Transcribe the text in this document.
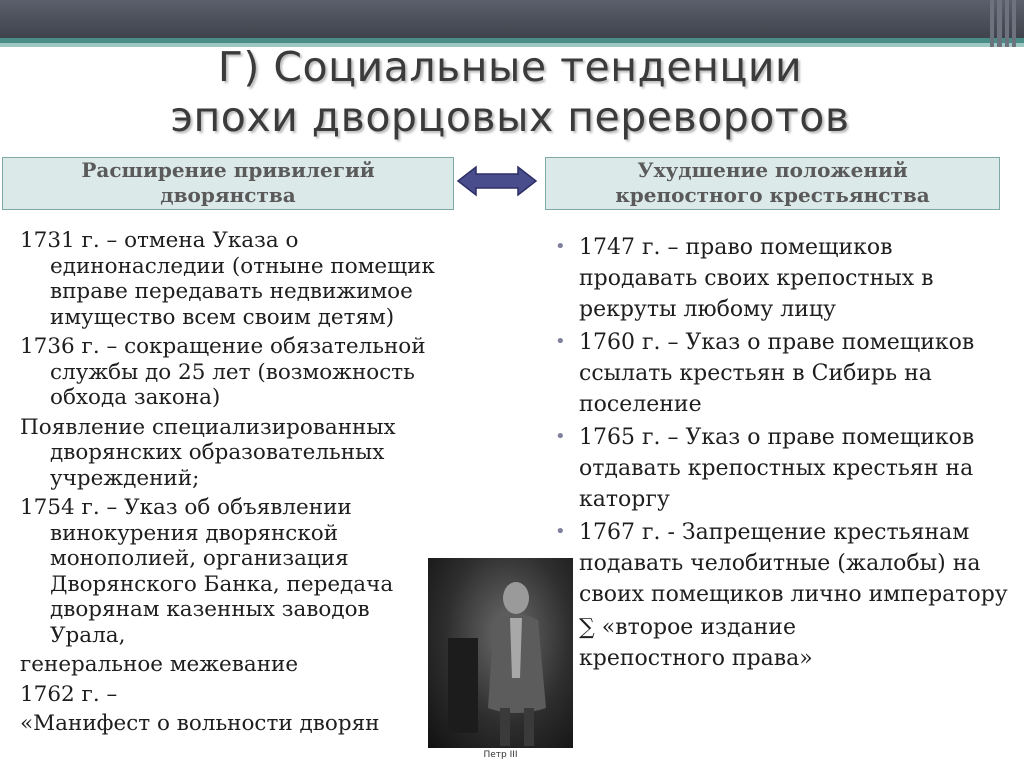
Г) Социальные тенденции
эпохи дворцовых переворотов
Расширение привилегий
дворянства
Ухудшение положений
крепостного крестьянства

1731 г. – отмена Указа о единонаследии (отныне помещик вправе передавать недвижимое имущество всем своим детям)

1736 г. – сокращение обязательной службы до 25 лет (возможность обхода закона)

Появление специализированных дворянских образовательных учреждений;

1754 г. – Указ об объявлении винокурения дворянской монополией, организация Дворянского Банка, передача дворянам казенных заводов Урала,

генеральное межевание

1762 г. –

«Манифест о вольности дворян

• 1747 г. – право помещиков продавать своих крепостных в рекруты любому лицу
• 1760 г. – Указ о праве помещиков ссылать крестьян в Сибирь на поселение
• 1765 г. – Указ о праве помещиков отдавать крепостных крестьян на каторгу
• 1767 г. - Запрещение крестьянам подавать челобитные (жалобы) на своих помещиков лично императору
∑ «второе издание
крепостного права»
Петр III
